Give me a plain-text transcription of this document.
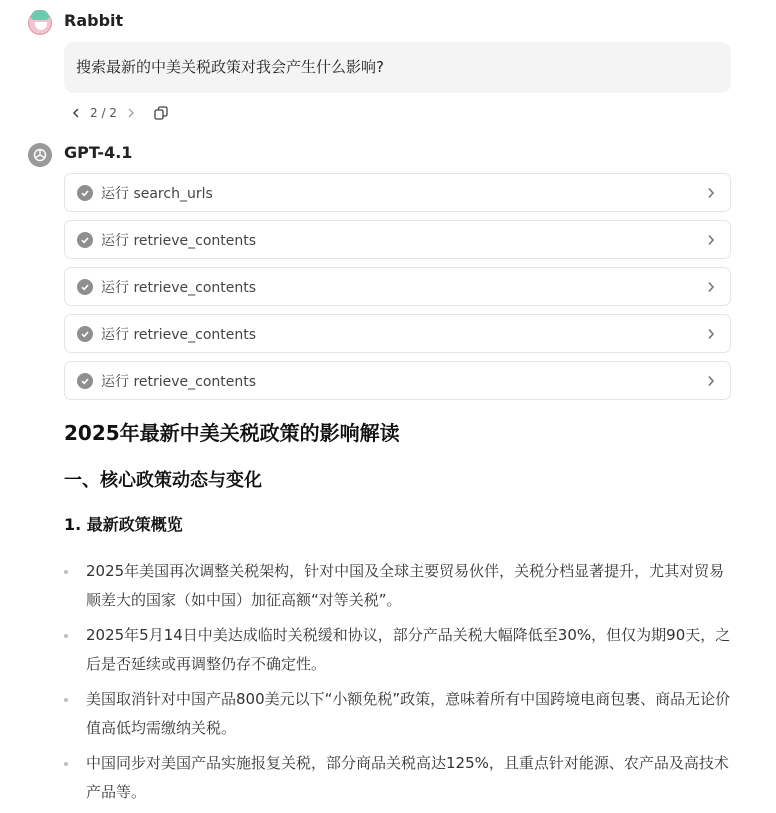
Rabbit
搜索最新的中美关税政策对我会产生什么影响?
2 / 2
GPT-4.1
运行 search_urls
运行 retrieve_contents
运行 retrieve_contents
运行 retrieve_contents
运行 retrieve_contents
2025年最新中美关税政策的影响解读
一、核心政策动态与变化
1. 最新政策概览
2025年美国再次调整关税架构，针对中国及全球主要贸易伙伴，关税分档显著提升，尤其对贸易顺差大的国家（如中国）加征高额“对等关税”。
2025年5月14日中美达成临时关税缓和协议，部分产品关税大幅降低至30%，但仅为期90天，之后是否延续或再调整仍存不确定性。
美国取消针对中国产品800美元以下“小额免税”政策，意味着所有中国跨境电商包裹、商品无论价值高低均需缴纳关税。
中国同步对美国产品实施报复关税，部分商品关税高达125%，且重点针对能源、农产品及高技术产品等。
